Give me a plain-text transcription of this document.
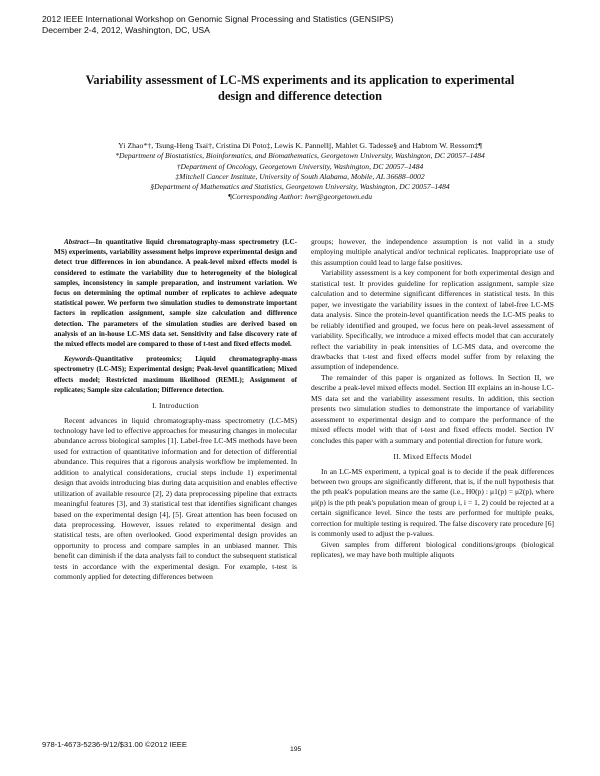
2012 IEEE International Workshop on Genomic Signal Processing and Statistics (GENSIPS)
December 2-4, 2012, Washington, DC, USA
Variability assessment of LC-MS experiments and its application to experimental
design and difference detection
Yi Zhao*†, Tsung-Heng Tsai†, Cristina Di Poto‡, Lewis K. Pannell||, Mahlet G. Tadesse§ and Habtom W. Ressom‡¶
*Department of Biostatistics, Bioinformatics, and Biomathematics, Georgetown University, Washington, DC 20057–1484
†Department of Oncology, Georgetown University, Washington, DC 20057–1484
‡Mitchell Cancer Institute, University of South Alabama, Mobile, AL 36688–0002
§Department of Mathematics and Statistics, Georgetown University, Washington, DC 20057–1484
¶Corresponding Author: hwr@georgetown.edu

Abstract—In quantitative liquid chromatography-mass spectrometry (LC-MS) experiments, variability assessment helps improve experimental design and detect true differences in ion abundance. A peak-level mixed effects model is considered to estimate the variability due to heterogeneity of the biological samples, inconsistency in sample preparation, and instrument variation. We focus on determining the optimal number of replicates to achieve adequate statistical power. We perform two simulation studies to demonstrate important factors in replication assignment, sample size calculation and difference detection. The parameters of the simulation studies are derived based on analysis of an in-house LC-MS data set. Sensitivity and false discovery rate of the mixed effects model are compared to those of t-test and fixed effects model.

Keywords-Quantitative proteomics; Liquid chromatography-mass spectrometry (LC-MS); Experimental design; Peak-level quantification; Mixed effects model; Restricted maximum likelihood (REML); Assignment of replicates; Sample size calculation; Difference detection.

I. Introduction

Recent advances in liquid chromatography-mass spectrometry (LC-MS) technology have led to effective approaches for measuring changes in molecular abundance across biological samples [1]. Label-free LC-MS methods have been used for extraction of quantitative information and for detection of differential abundance. This requires that a rigorous analysis workflow be implemented. In addition to analytical considerations, crucial steps include 1) experimental design that avoids introducing bias during data acquisition and enables effective utilization of available resource [2], 2) data preprocessing pipeline that extracts meaningful features [3], and 3) statistical test that identifies significant changes based on the experimental design [4], [5]. Great attention has been focused on data preprocessing. However, issues related to experimental design and statistical tests, are often overlooked. Good experimental design provides an opportunity to process and compare samples in an unbiased manner. This benefit can diminish if the data analysts fail to conduct the subsequent statistical tests in accordance with the experimental design. For example, t-test is commonly applied for detecting differences between

groups; however, the independence assumption is not valid in a study employing multiple analytical and/or technical replicates. Inappropriate use of this assumption could lead to large false positives.

Variability assessment is a key component for both experimental design and statistical test. It provides guideline for replication assignment, sample size calculation and to determine significant differences in statistical tests. In this paper, we investigate the variability issues in the context of label-free LC-MS data analysis. Since the protein-level quantification needs the LC-MS peaks to be reliably identified and grouped, we focus here on peak-level assessment of variability. Specifically, we introduce a mixed effects model that can accurately reflect the variability in peak intensities of LC-MS data, and overcome the drawbacks that t-test and fixed effects model suffer from by relaxing the assumption of independence.

The remainder of this paper is organized as follows. In Section II, we describe a peak-level mixed effects model. Section III explains an in-house LC-MS data set and the variability assessment results. In addition, this section presents two simulation studies to demonstrate the importance of variability assessment to experimental design and to compare the performance of the mixed effects model with that of t-test and fixed effects model. Section IV concludes this paper with a summary and potential direction for future work.

II. Mixed Effects Model

In an LC-MS experiment, a typical goal is to decide if the peak differences between two groups are significantly different, that is, if the null hypothesis that the pth peak's population means are the same (i.e., H0(p) : μ1(p) = μ2(p), where μi(p) is the pth peak's population mean of group i, i = 1, 2) could be rejected at a certain significance level. Since the tests are performed for multiple peaks, correction for multiple testing is required. The false discovery rate procedure [6] is commonly used to adjust the p-values.

Given samples from different biological conditions/groups (biological replicates), we may have both multiple aliquots

978-1-4673-5236-9/12/$31.00 ©2012 IEEE
195
